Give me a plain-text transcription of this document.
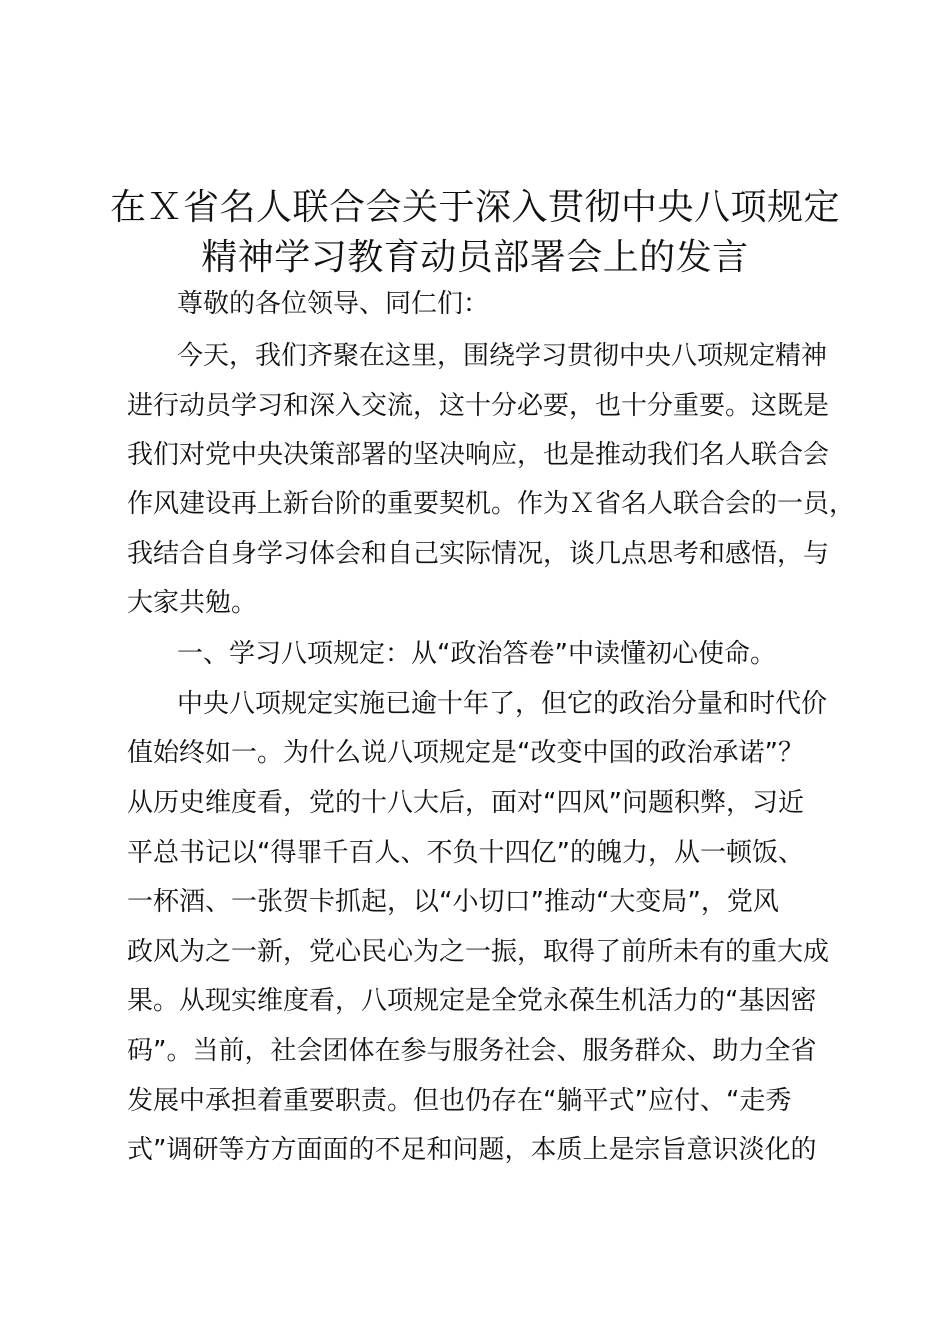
在Ｘ省名人联合会关于深入贯彻中央八项规定
精神学习教育动员部署会上的发言
尊敬的各位领导、同仁们：
今天，我们齐聚在这里，围绕学习贯彻中央八项规定精神
进行动员学习和深入交流，这十分必要，也十分重要。这既是
我们对党中央决策部署的坚决响应，也是推动我们名人联合会
作风建设再上新台阶的重要契机。作为Ｘ省名人联合会的一员，
我结合自身学习体会和自己实际情况，谈几点思考和感悟，与
大家共勉。
一、学习八项规定：从“政治答卷”中读懂初心使命。
中央八项规定实施已逾十年了，但它的政治分量和时代价
值始终如一。为什么说八项规定是“改变中国的政治承诺”？
从历史维度看，党的十八大后，面对“四风”问题积弊，习近
平总书记以“得罪千百人、不负十四亿”的魄力，从一顿饭、
一杯酒、一张贺卡抓起，以“小切口”推动“大变局”，党风
政风为之一新，党心民心为之一振，取得了前所未有的重大成
果。从现实维度看，八项规定是全党永葆生机活力的“基因密
码”。当前，社会团体在参与服务社会、服务群众、助力全省
发展中承担着重要职责。但也仍存在“躺平式”应付、“走秀
式”调研等方方面面的不足和问题，本质上是宗旨意识淡化的
